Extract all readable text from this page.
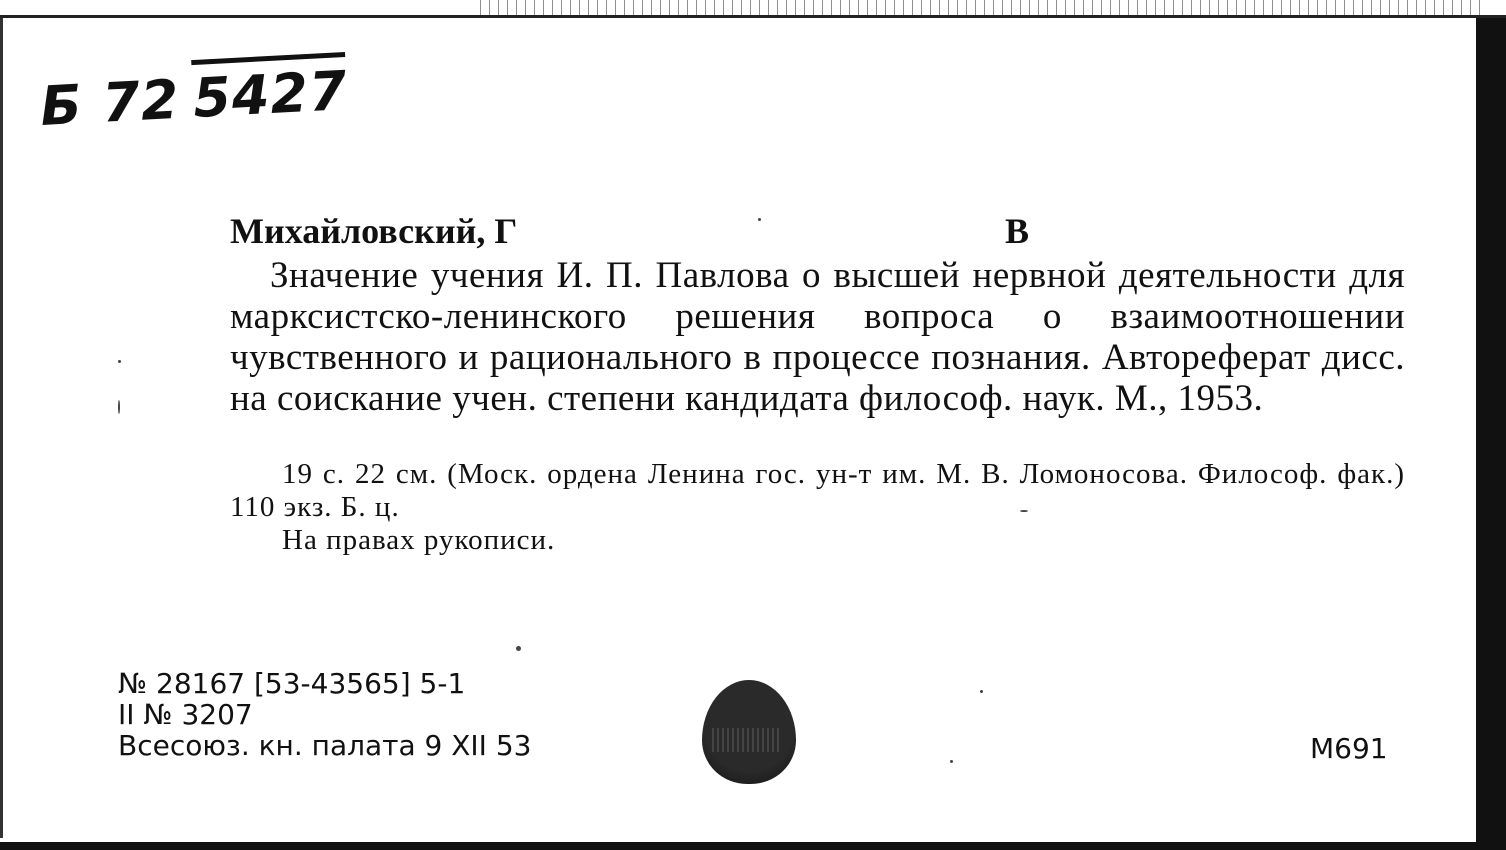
Б 72 5427
Михайловский, Г	В
Значение учения И. П. Павлова о высшей нервной деятельности для марксистско-ленинского решения вопроса о взаимоотношении чувственного и рационального в процессе познания. Автореферат дисс. на соискание учен. степени кандидата философ. наук. М., 1953.
19 с. 22 см. (Моск. ордена Ленина гос. ун-т им. М. В. Ломоносова. Философ. фак.) 110 экз. Б. ц.
На правах рукописи.
№ 28167 [53-43565] 5-1
II № 3207
Всесоюз. кн. палата 9 XII 53	М691
